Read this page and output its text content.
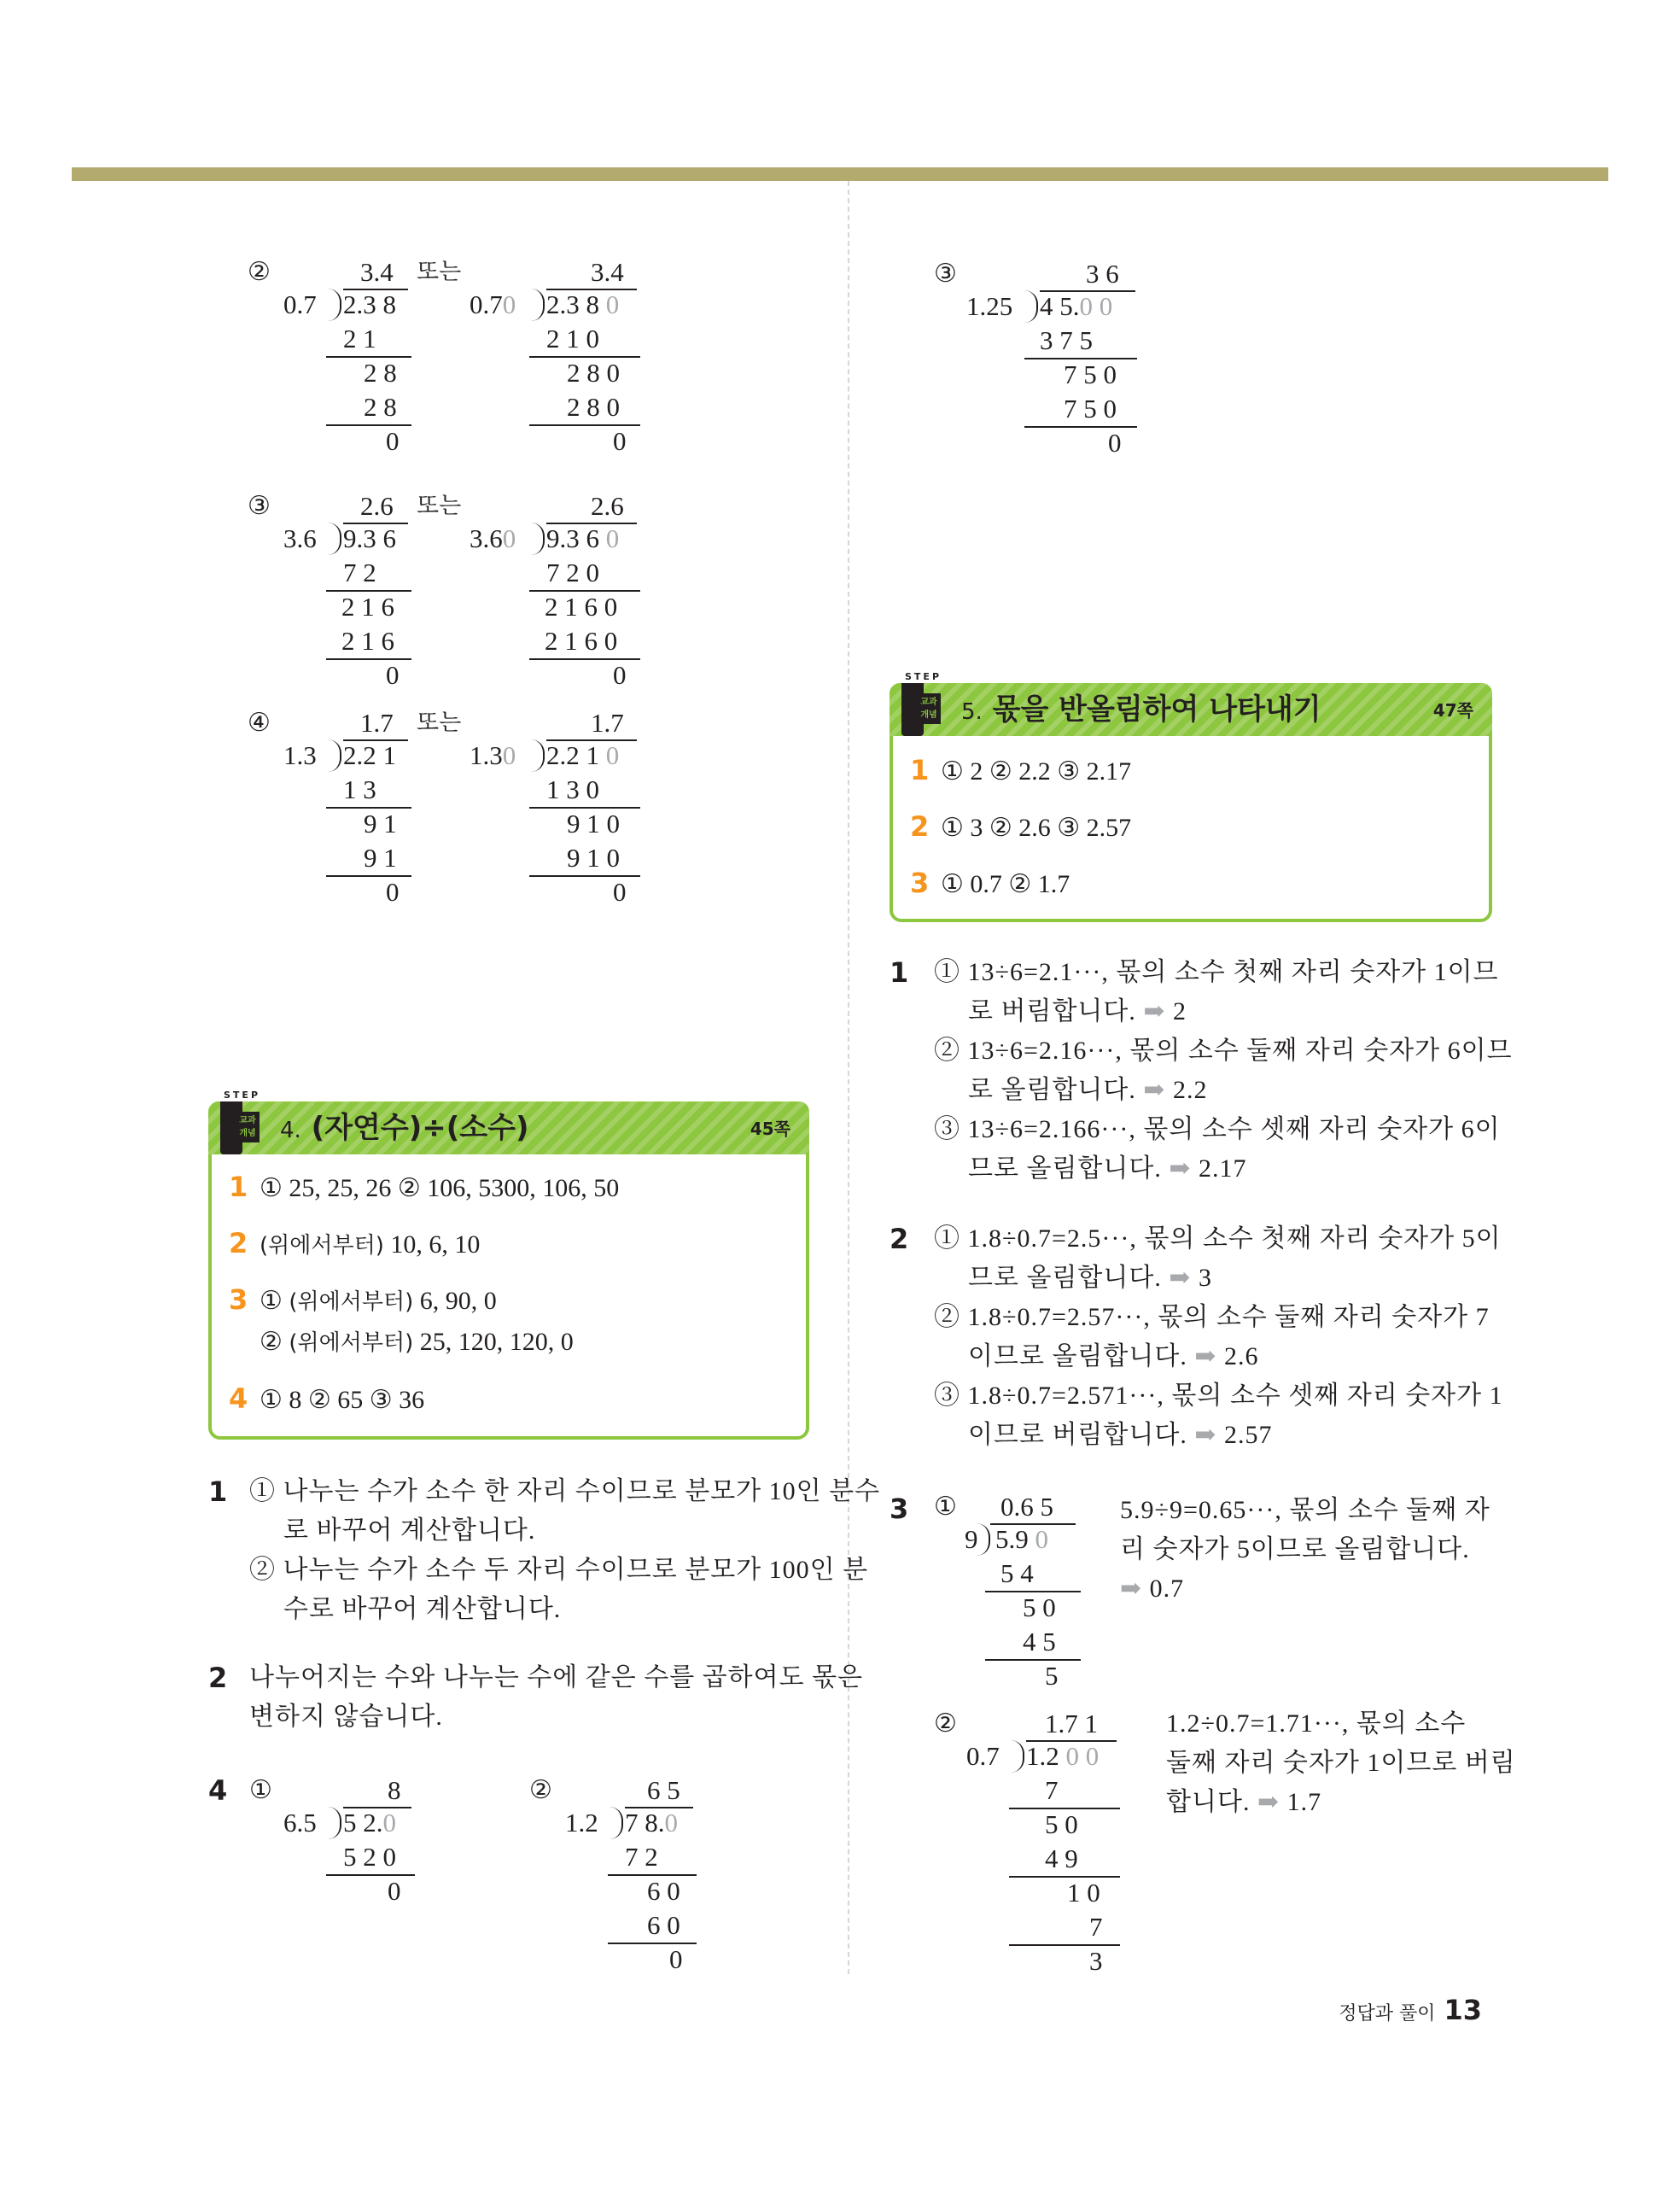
②	3.4 또는
0.7 2.3 8
2 1
2 8
2 8
0
3.4
0.70 2.3 8 0
2 1 0
2 8 0
2 8 0
0
③	2.6 또는
3.6 9.3 6
7 2
2 1 6
2 1 6
0
2.6
3.60 9.3 6 0
7 2 0
2 1 6 0
2 1 6 0
0
④	1.7 또는
1.3 2.2 1
1 3
9 1
9 1
0
1.7
1.30 2.2 1 0
1 3 0
9 1 0
9 1 0
0
STEP
교과
개념 4. (자연수)÷(소수)	45쪽
1 ① 25, 25, 26 ② 106, 5300, 106, 50
2 (위에서부터) 10, 6, 10
3 ① (위에서부터) 6, 90, 0
② (위에서부터) 25, 120, 120, 0
4 ① 8 ② 65 ③ 36
1 ① 나누는 수가 소수 한 자리 수이므로 분모가 10인 분수
로 바꾸어 계산합니다.
② 나누는 수가 소수 두 자리 수이므로 분모가 100인 분
수로 바꾸어 계산합니다.
2 나누어지는 수와 나누는 수에 같은 수를 곱하여도 몫은
변하지 않습니다.
4 ①	8
6.5 5 2.0
5 2 0
0
②	6 5
1.2 7 8.0
7 2
6 0
6 0
0
③	3 6
1.25 4 5.0 0
3 7 5
7 5 0
7 5 0
0
STEP
교과
개념 5. 몫을 반올림하여 나타내기	47쪽
1 ① 2 ② 2.2 ③ 2.17
2 ① 3 ② 2.6 ③ 2.57
3 ① 0.7 ② 1.7
1 ① 13÷6=2.1···, 몫의 소수 첫째 자리 숫자가 1이므
로 버림합니다. ➡ 2
② 13÷6=2.16···, 몫의 소수 둘째 자리 숫자가 6이므
로 올림합니다. ➡ 2.2
③ 13÷6=2.166···, 몫의 소수 셋째 자리 숫자가 6이
므로 올림합니다. ➡ 2.17
2 ① 1.8÷0.7=2.5···, 몫의 소수 첫째 자리 숫자가 5이
므로 올림합니다. ➡ 3
② 1.8÷0.7=2.57···, 몫의 소수 둘째 자리 숫자가 7
이므로 올림합니다. ➡ 2.6
③ 1.8÷0.7=2.571···, 몫의 소수 셋째 자리 숫자가 1
이므로 버림합니다. ➡ 2.57
3 ① 0.6 5
9 5.9 0
5 4
5 0
4 5
5
5.9÷9=0.65···, 몫의 소수 둘째 자
리 숫자가 5이므로 올림합니다.
➡ 0.7
②	1.7 1
0.7 1.2 0 0
7
5 0
4 9
1 0
7
3
1.2÷0.7=1.71···, 몫의 소수
둘째 자리 숫자가 1이므로 버림
합니다. ➡ 1.7
정답과 풀이 13
